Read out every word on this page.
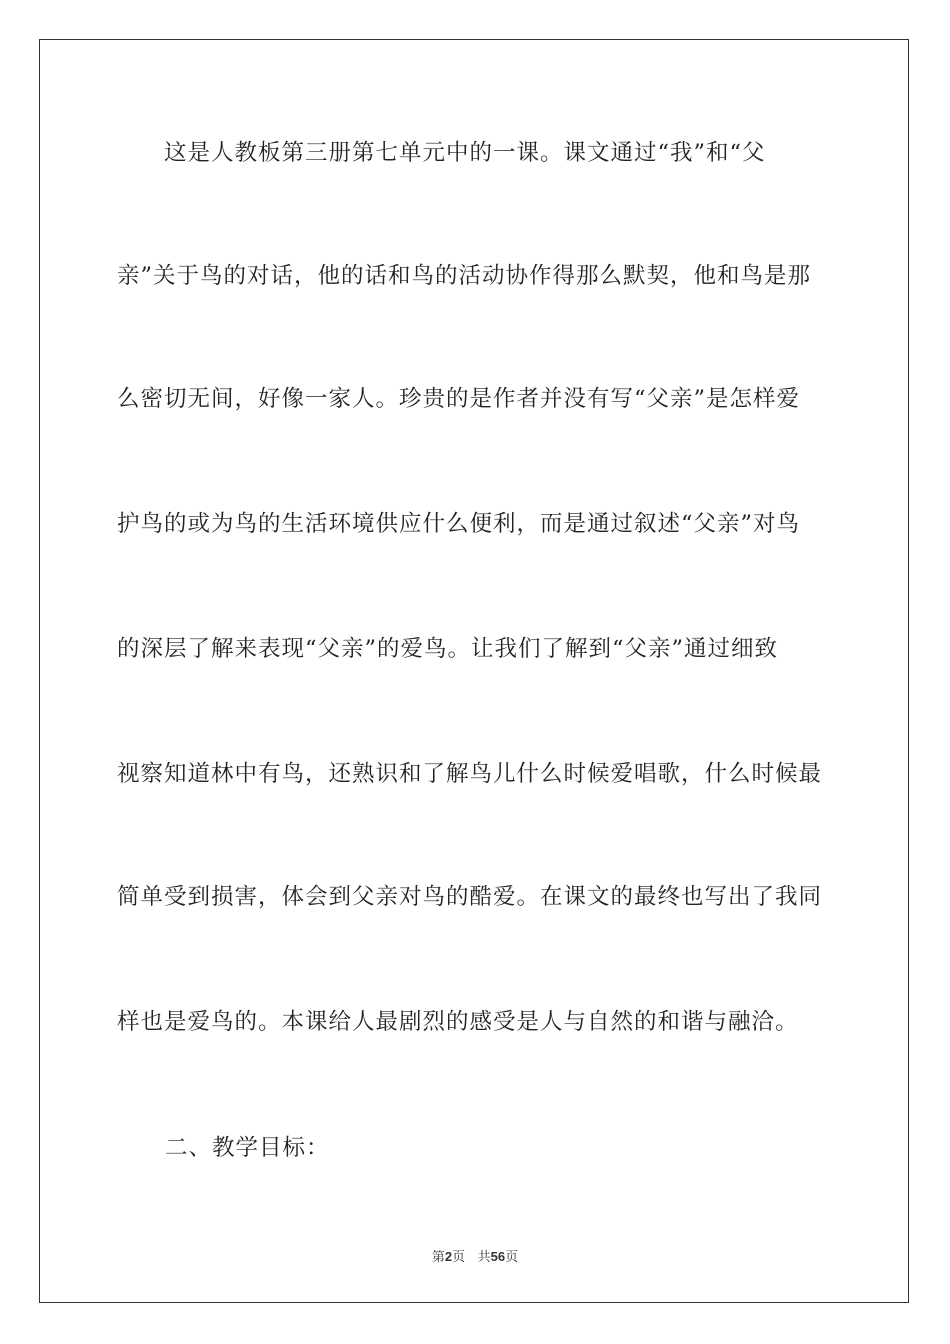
　　这是人教板第三册第七单元中的一课。课文通过“我”和“父
亲”关于鸟的对话，他的话和鸟的活动协作得那么默契，他和鸟是那
么密切无间，好像一家人。珍贵的是作者并没有写“父亲”是怎样爱
护鸟的或为鸟的生活环境供应什么便利，而是通过叙述“父亲”对鸟
的深层了解来表现“父亲”的爱鸟。让我们了解到“父亲”通过细致
视察知道林中有鸟，还熟识和了解鸟儿什么时候爱唱歌，什么时候最
简单受到损害，体会到父亲对鸟的酷爱。在课文的最终也写出了我同
样也是爱鸟的。本课给人最剧烈的感受是人与自然的和谐与融洽。
二、教学目标：
第2页 共56页
